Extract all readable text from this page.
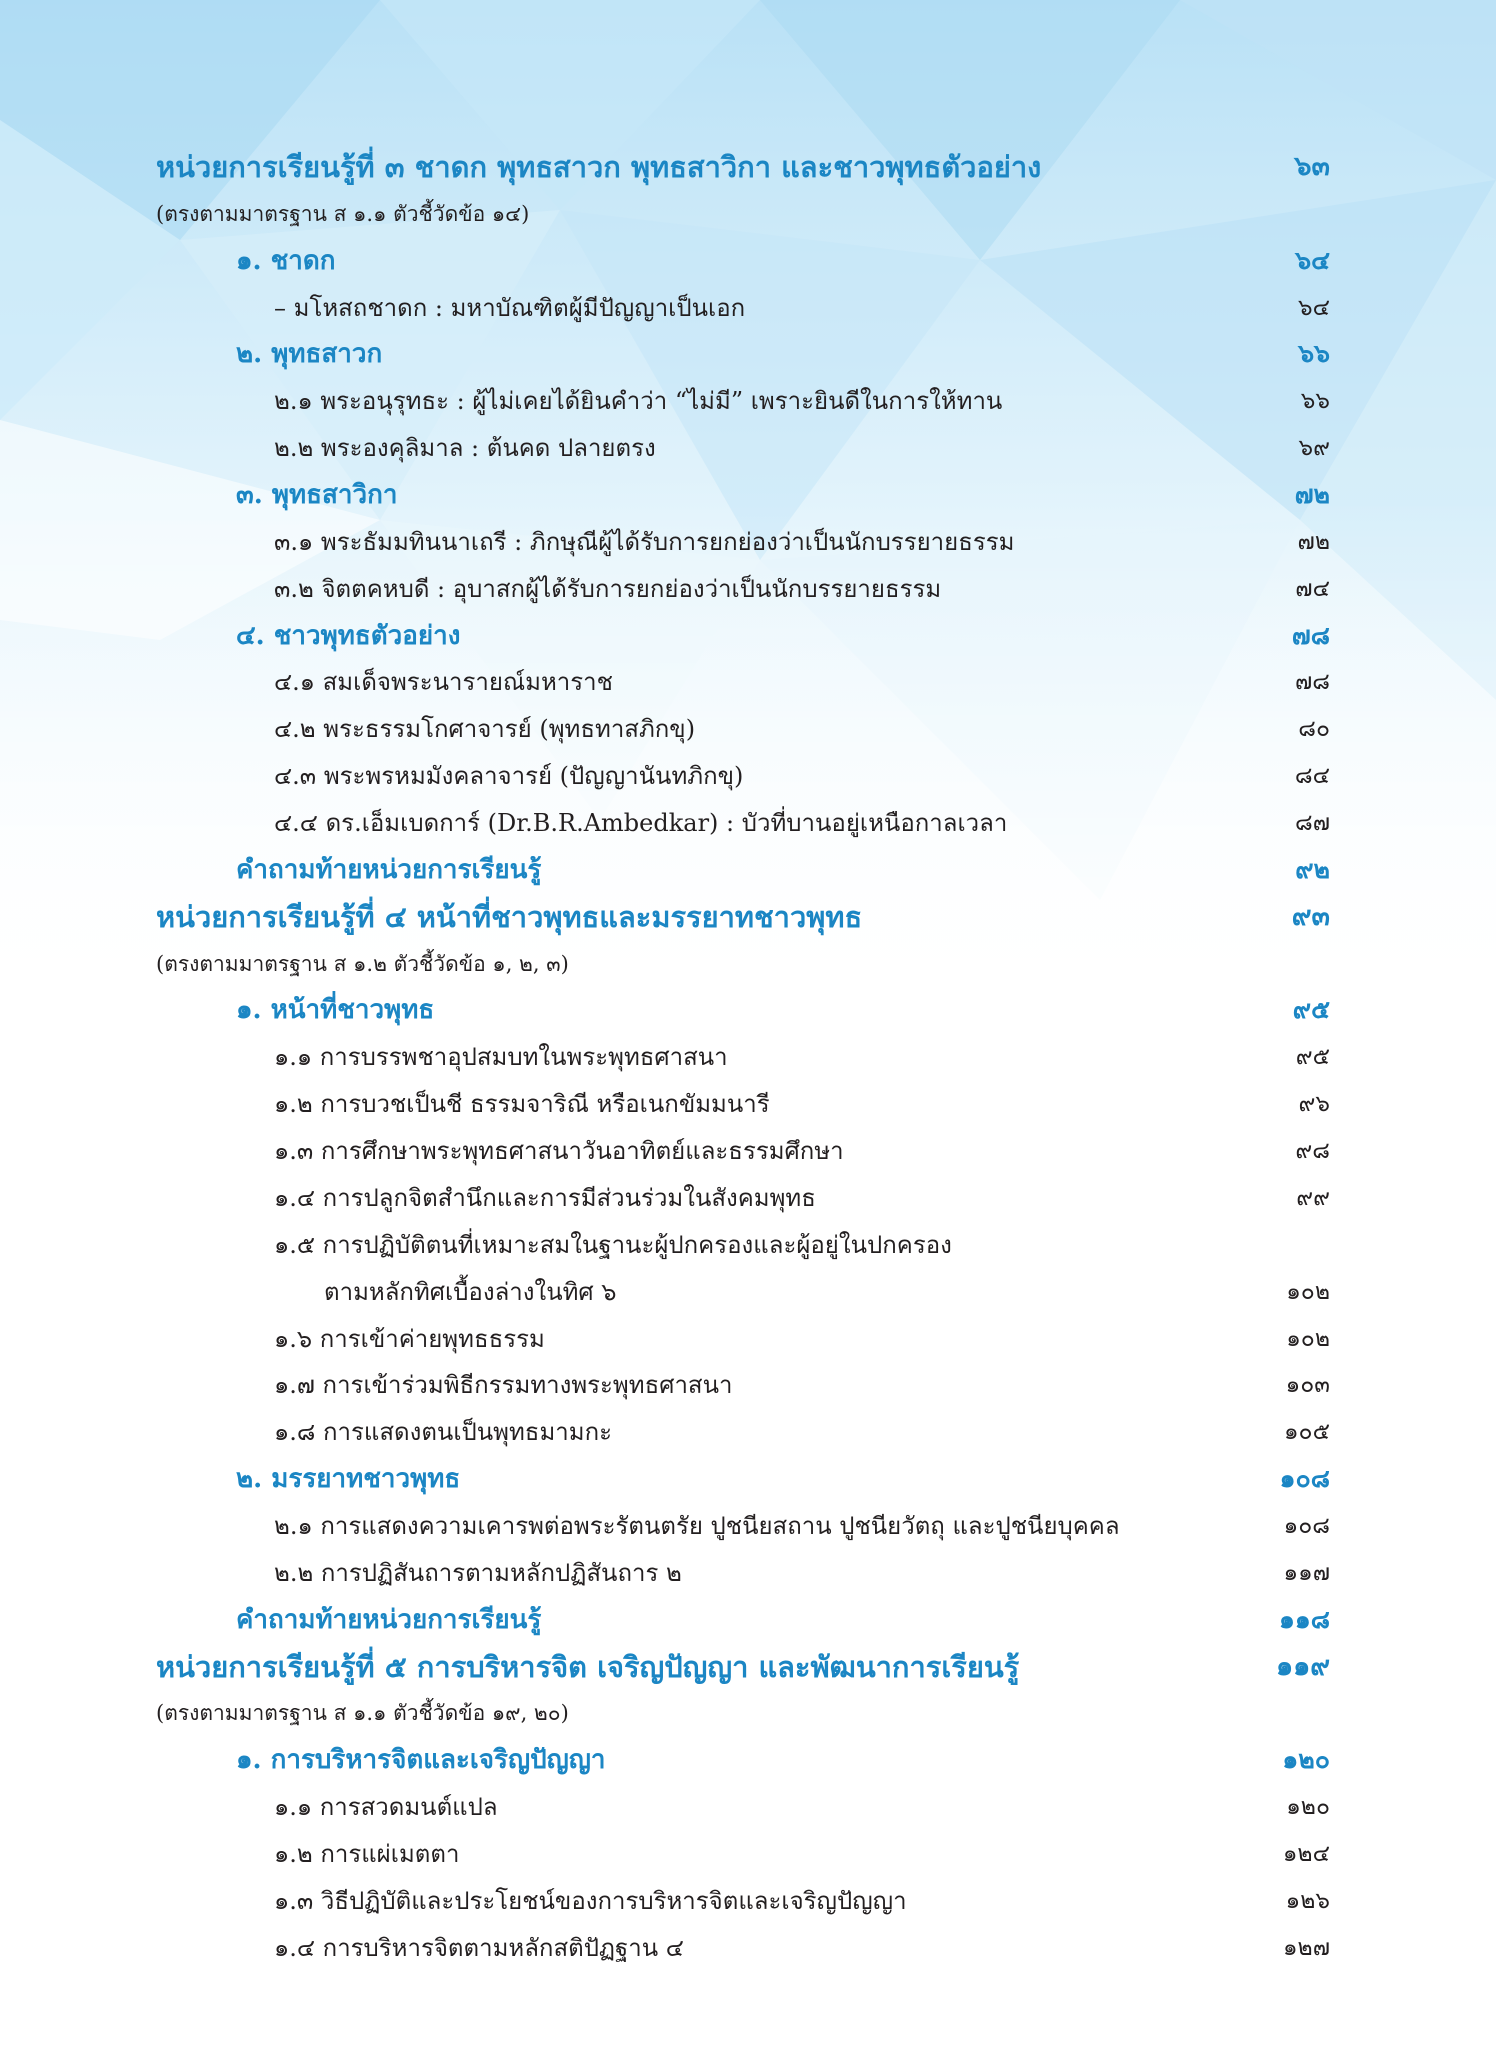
หน่วยการเรียนรู้ที่ ๓ ชาดก พุทธสาวก พุทธสาวิกา และชาวพุทธตัวอย่าง	๖๓
(ตรงตามมาตรฐาน ส ๑.๑ ตัวชี้วัดข้อ ๑๔)
๑. ชาดก	๖๔
– มโหสถชาดก : มหาบัณฑิตผู้มีปัญญาเป็นเอก	๖๔
๒. พุทธสาวก	๖๖
๒.๑ พระอนุรุทธะ : ผู้ไม่เคยได้ยินคำว่า “ไม่มี” เพราะยินดีในการให้ทาน	๖๖
๒.๒ พระองคุลิมาล : ต้นคด ปลายตรง	๖๙
๓. พุทธสาวิกา	๗๒
๓.๑ พระธัมมทินนาเถรี : ภิกษุณีผู้ได้รับการยกย่องว่าเป็นนักบรรยายธรรม	๗๒
๓.๒ จิตตคหบดี : อุบาสกผู้ได้รับการยกย่องว่าเป็นนักบรรยายธรรม	๗๔
๔. ชาวพุทธตัวอย่าง	๗๘
๔.๑ สมเด็จพระนารายณ์มหาราช	๗๘
๔.๒ พระธรรมโกศาจารย์ (พุทธทาสภิกขุ)	๘๐
๔.๓ พระพรหมมังคลาจารย์ (ปัญญานันทภิกขุ)	๘๔
๔.๔ ดร.เอ็มเบดการ์ (Dr.B.R.Ambedkar) : บัวที่บานอยู่เหนือกาลเวลา	๘๗
คำถามท้ายหน่วยการเรียนรู้	๙๒
หน่วยการเรียนรู้ที่ ๔ หน้าที่ชาวพุทธและมรรยาทชาวพุทธ	๙๓
(ตรงตามมาตรฐาน ส ๑.๒ ตัวชี้วัดข้อ ๑, ๒, ๓)
๑. หน้าที่ชาวพุทธ	๙๕
๑.๑ การบรรพชาอุปสมบทในพระพุทธศาสนา	๙๕
๑.๒ การบวชเป็นชี ธรรมจาริณี หรือเนกขัมมนารี	๙๖
๑.๓ การศึกษาพระพุทธศาสนาวันอาทิตย์และธรรมศึกษา	๙๘
๑.๔ การปลูกจิตสำนึกและการมีส่วนร่วมในสังคมพุทธ	๙๙
๑.๕ การปฏิบัติตนที่เหมาะสมในฐานะผู้ปกครองและผู้อยู่ในปกครอง
ตามหลักทิศเบื้องล่างในทิศ ๖	๑๐๒
๑.๖ การเข้าค่ายพุทธธรรม	๑๐๒
๑.๗ การเข้าร่วมพิธีกรรมทางพระพุทธศาสนา	๑๐๓
๑.๘ การแสดงตนเป็นพุทธมามกะ	๑๐๕
๒. มรรยาทชาวพุทธ	๑๐๘
๒.๑ การแสดงความเคารพต่อพระรัตนตรัย ปูชนียสถาน ปูชนียวัตถุ และปูชนียบุคคล	๑๐๘
๒.๒ การปฏิสันถารตามหลักปฏิสันถาร ๒	๑๑๗
คำถามท้ายหน่วยการเรียนรู้	๑๑๘
หน่วยการเรียนรู้ที่ ๕ การบริหารจิต เจริญปัญญา และพัฒนาการเรียนรู้	๑๑๙
(ตรงตามมาตรฐาน ส ๑.๑ ตัวชี้วัดข้อ ๑๙, ๒๐)
๑. การบริหารจิตและเจริญปัญญา	๑๒๐
๑.๑ การสวดมนต์แปล	๑๒๐
๑.๒ การแผ่เมตตา	๑๒๔
๑.๓ วิธีปฏิบัติและประโยชน์ของการบริหารจิตและเจริญปัญญา	๑๒๖
๑.๔ การบริหารจิตตามหลักสติปัฏฐาน ๔	๑๒๗
